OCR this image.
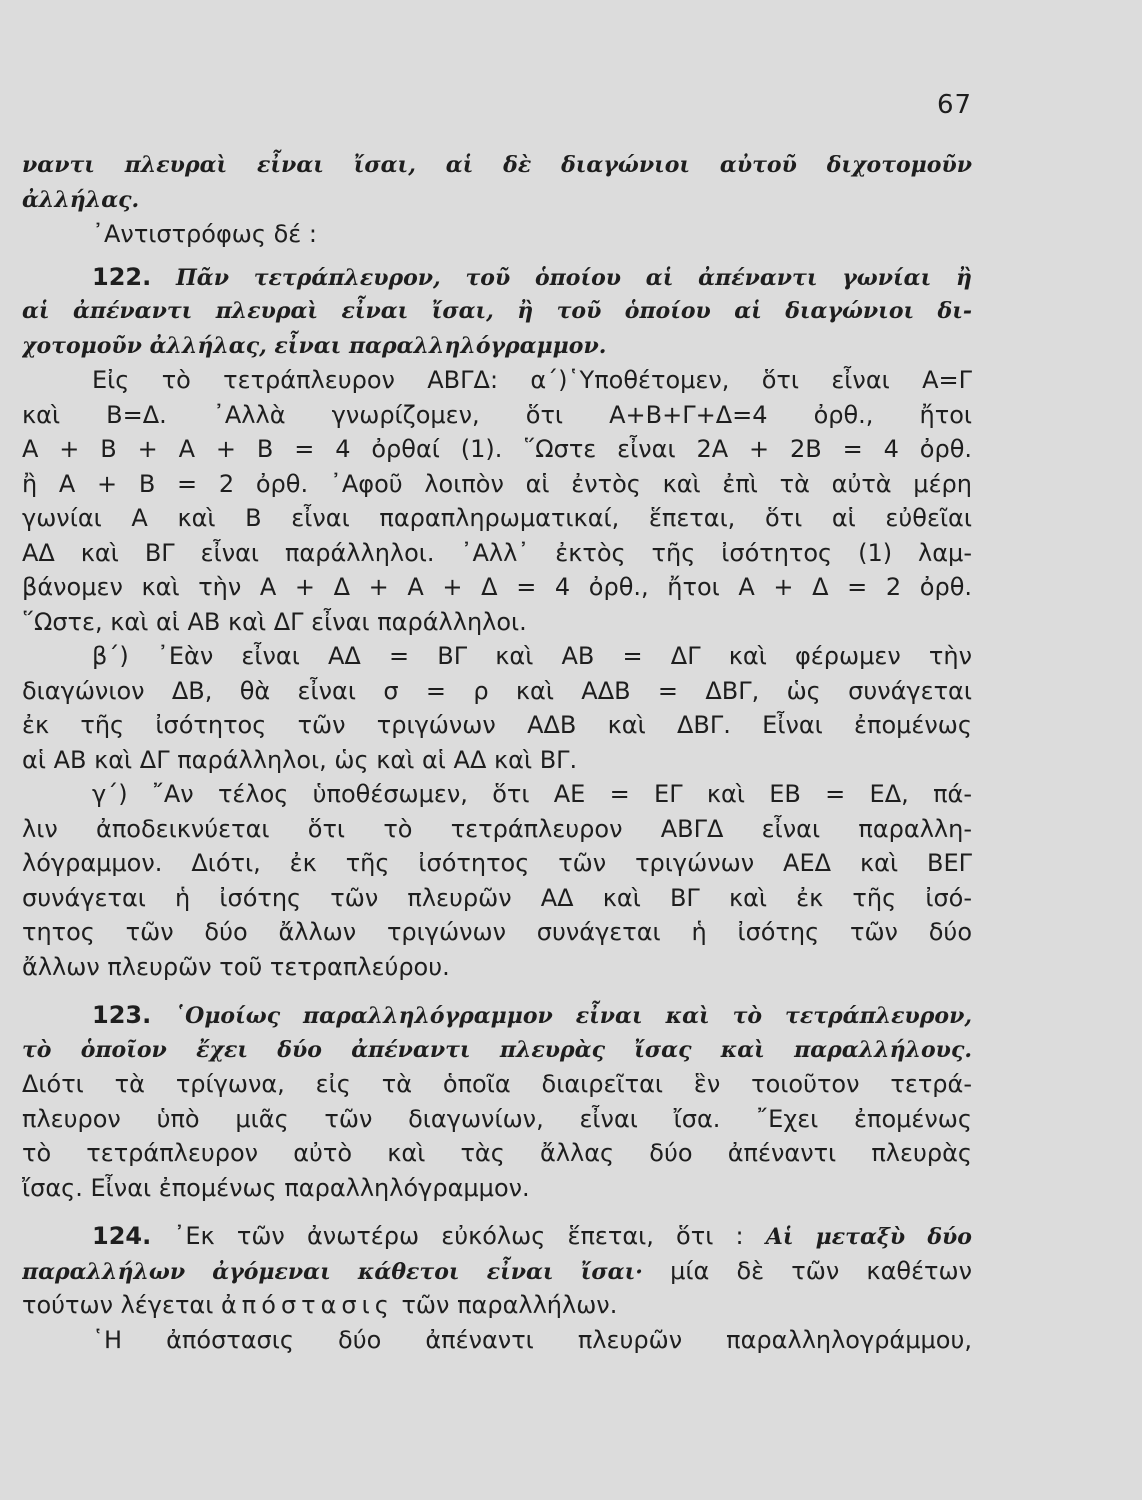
67
ναντι πλευραὶ εἶναι ἴσαι, αἱ δὲ διαγώνιοι αὐτοῦ διχοτομοῦν
ἀλλήλας.
᾿Αντιστρόφως δέ :
122. Πᾶν τετράπλευρον, τοῦ ὁποίου αἱ ἀπέναντι γωνίαι ἢ
αἱ ἀπέναντι πλευραὶ εἶναι ἴσαι, ἢ τοῦ ὁποίου αἱ διαγώνιοι δι-
χοτομοῦν ἀλλήλας, εἶναι παραλληλόγραμμον.
Εἰς τὸ τετράπλευρον ΑΒΓΔ: α΄)῾Υποθέτομεν, ὅτι εἶναι Α=Γ
καὶ Β=Δ. ᾿Αλλὰ γνωρίζομεν, ὅτι Α+Β+Γ+Δ=4 ὀρθ., ἤτοι
Α + Β + Α + Β = 4 ὀρθαί (1). ῞Ωστε εἶναι 2Α + 2Β = 4 ὀρθ.
ἢ Α + Β = 2 ὀρθ. ᾿Αφοῦ λοιπὸν αἱ ἐντὸς καὶ ἐπὶ τὰ αὐτὰ μέρη
γωνίαι Α καὶ Β εἶναι παραπληρωματικαί, ἕπεται, ὅτι αἱ εὐθεῖαι
ΑΔ καὶ ΒΓ εἶναι παράλληλοι. ᾿Αλλ᾿ ἐκτὸς τῆς ἰσότητος (1) λαμ-
βάνομεν καὶ τὴν Α + Δ + Α + Δ = 4 ὀρθ., ἤτοι Α + Δ = 2 ὀρθ.
῞Ωστε, καὶ αἱ ΑΒ καὶ ΔΓ εἶναι παράλληλοι.
β΄) ᾿Εὰν εἶναι ΑΔ = ΒΓ καὶ ΑΒ = ΔΓ καὶ φέρωμεν τὴν
διαγώνιον ΔΒ, θὰ εἶναι σ = ρ καὶ ΑΔΒ = ΔΒΓ, ὡς συνάγεται
ἐκ τῆς ἰσότητος τῶν τριγώνων ΑΔΒ καὶ ΔΒΓ. Εἶναι ἐπομένως
αἱ ΑΒ καὶ ΔΓ παράλληλοι, ὡς καὶ αἱ ΑΔ καὶ ΒΓ.
γ΄) ῎Αν τέλος ὑποθέσωμεν, ὅτι ΑΕ = ΕΓ καὶ ΕΒ = ΕΔ, πά-
λιν ἀποδεικνύεται ὅτι τὸ τετράπλευρον ΑΒΓΔ εἶναι παραλλη-
λόγραμμον. Διότι, ἐκ τῆς ἰσότητος τῶν τριγώνων ΑΕΔ καὶ ΒΕΓ
συνάγεται ἡ ἰσότης τῶν πλευρῶν ΑΔ καὶ ΒΓ καὶ ἐκ τῆς ἰσό-
τητος τῶν δύο ἄλλων τριγώνων συνάγεται ἡ ἰσότης τῶν δύο
ἄλλων πλευρῶν τοῦ τετραπλεύρου.
123. ῾Ομοίως παραλληλόγραμμον εἶναι καὶ τὸ τετράπλευρον,
τὸ ὁποῖον ἔχει δύο ἀπέναντι πλευρὰς ἴσας καὶ παραλλήλους.
Διότι τὰ τρίγωνα, εἰς τὰ ὁποῖα διαιρεῖται ἓν τοιοῦτον τετρά-
πλευρον ὑπὸ μιᾶς τῶν διαγωνίων, εἶναι ἴσα. ῎Εχει ἐπομένως
τὸ τετράπλευρον αὐτὸ καὶ τὰς ἄλλας δύο ἀπέναντι πλευρὰς
ἴσας. Εἶναι ἐπομένως παραλληλόγραμμον.
124. ᾿Εκ τῶν ἀνωτέρω εὐκόλως ἕπεται, ὅτι : Αἱ μεταξὺ δύο
παραλλήλων ἀγόμεναι κάθετοι εἶναι ἴσαι· μία δὲ τῶν καθέτων
τούτων λέγεται ἀπόστασις τῶν παραλλήλων.
῾Η ἀπόστασις δύο ἀπέναντι πλευρῶν παραλληλογράμμου,
